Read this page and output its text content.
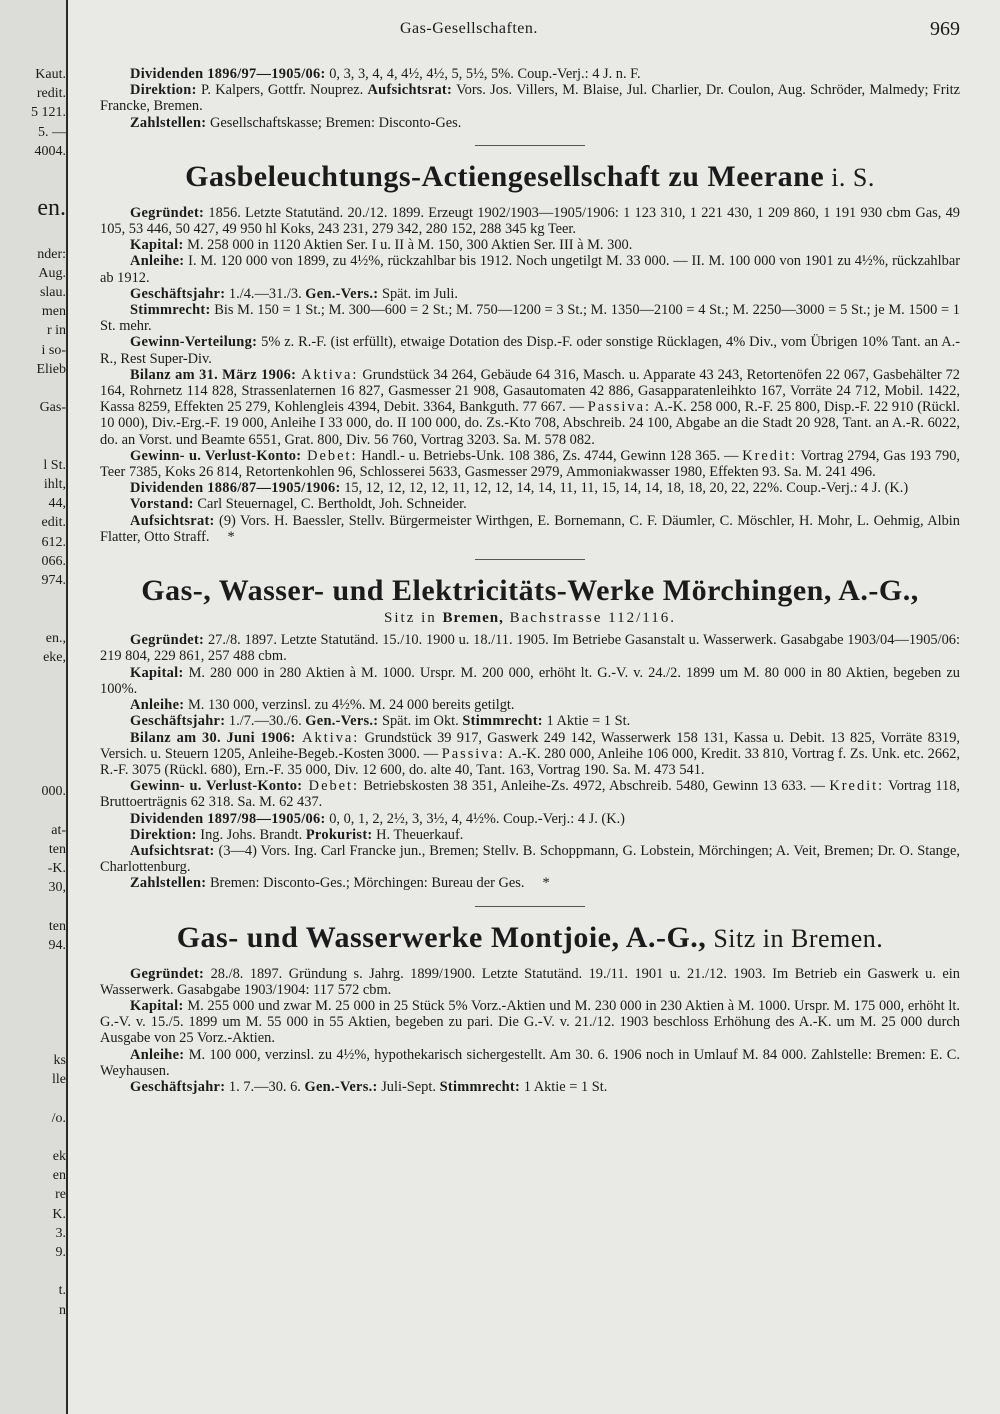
Kaut.
redit.
5 121.
5. —
4004.
en.
nder:
Aug.
slau.
men
r in
i so-
Elieb
Gas-
l St.
ihlt,
44,
edit.
612.
066.
974.
en.,
eke,
000.
at-
ten
-K.
30,
ten
94.
ks
lle
/o.
ek
en
re
K.
3.
9.
t.
n
Gas-Gesellschaften.	969

Dividenden 1896/97—1905/06: 0, 3, 3, 4, 4, 4½, 4½, 5, 5½, 5%. Coup.-Verj.: 4 J. n. F.

Direktion: P. Kalpers, Gottfr. Nouprez. Aufsichtsrat: Vors. Jos. Villers, M. Blaise, Jul. Charlier, Dr. Coulon, Aug. Schröder, Malmedy; Fritz Francke, Bremen.

Zahlstellen: Gesellschaftskasse; Bremen: Disconto-Ges.

Gasbeleuchtungs-Actiengesellschaft zu Meerane i. S.

Gegründet: 1856. Letzte Statutänd. 20./12. 1899. Erzeugt 1902/1903—1905/1906: 1 123 310, 1 221 430, 1 209 860, 1 191 930 cbm Gas, 49 105, 53 446, 50 427, 49 950 hl Koks, 243 231, 279 342, 280 152, 288 345 kg Teer.

Kapital: M. 258 000 in 1120 Aktien Ser. I u. II à M. 150, 300 Aktien Ser. III à M. 300.

Anleihe: I. M. 120 000 von 1899, zu 4½%, rückzahlbar bis 1912. Noch ungetilgt M. 33 000. — II. M. 100 000 von 1901 zu 4½%, rückzahlbar ab 1912.

Geschäftsjahr: 1./4.—31./3. Gen.-Vers.: Spät. im Juli.

Stimmrecht: Bis M. 150 = 1 St.; M. 300—600 = 2 St.; M. 750—1200 = 3 St.; M. 1350—2100 = 4 St.; M. 2250—3000 = 5 St.; je M. 1500 = 1 St. mehr.

Gewinn-Verteilung: 5% z. R.-F. (ist erfüllt), etwaige Dotation des Disp.-F. oder sonstige Rücklagen, 4% Div., vom Übrigen 10% Tant. an A.-R., Rest Super-Div.

Bilanz am 31. März 1906: Aktiva: Grundstück 34 264, Gebäude 64 316, Masch. u. Apparate 43 243, Retortenöfen 22 067, Gasbehälter 72 164, Rohrnetz 114 828, Strassenlaternen 16 827, Gasmesser 21 908, Gasautomaten 42 886, Gasapparatenleihkto 167, Vorräte 24 712, Mobil. 1422, Kassa 8259, Effekten 25 279, Kohlengleis 4394, Debit. 3364, Bankguth. 77 667. — Passiva: A.-K. 258 000, R.-F. 25 800, Disp.-F. 22 910 (Rückl. 10 000), Div.-Erg.-F. 19 000, Anleihe I 33 000, do. II 100 000, do. Zs.-Kto 708, Abschreib. 24 100, Abgabe an die Stadt 20 928, Tant. an A.-R. 6022, do. an Vorst. und Beamte 6551, Grat. 800, Div. 56 760, Vortrag 3203. Sa. M. 578 082.

Gewinn- u. Verlust-Konto: Debet: Handl.- u. Betriebs-Unk. 108 386, Zs. 4744, Gewinn 128 365. — Kredit: Vortrag 2794, Gas 193 790, Teer 7385, Koks 26 814, Retortenkohlen 96, Schlosserei 5633, Gasmesser 2979, Ammoniakwasser 1980, Effekten 93. Sa. M. 241 496.

Dividenden 1886/87—1905/1906: 15, 12, 12, 12, 12, 11, 12, 12, 14, 14, 11, 11, 15, 14, 14, 18, 18, 20, 22, 22%. Coup.-Verj.: 4 J. (K.)

Vorstand: Carl Steuernagel, C. Bertholdt, Joh. Schneider.

Aufsichtsrat: (9) Vors. H. Baessler, Stellv. Bürgermeister Wirthgen, E. Bornemann, C. F. Däumler, C. Möschler, H. Mohr, L. Oehmig, Albin Flatter, Otto Straff. *

Gas-, Wasser- und Elektricitäts-Werke Mörchingen, A.-G.,
Sitz in Bremen, Bachstrasse 112/116.

Gegründet: 27./8. 1897. Letzte Statutänd. 15./10. 1900 u. 18./11. 1905. Im Betriebe Gasanstalt u. Wasserwerk. Gasabgabe 1903/04—1905/06: 219 804, 229 861, 257 488 cbm.

Kapital: M. 280 000 in 280 Aktien à M. 1000. Urspr. M. 200 000, erhöht lt. G.-V. v. 24./2. 1899 um M. 80 000 in 80 Aktien, begeben zu 100%.

Anleihe: M. 130 000, verzinsl. zu 4½%. M. 24 000 bereits getilgt.

Geschäftsjahr: 1./7.—30./6. Gen.-Vers.: Spät. im Okt. Stimmrecht: 1 Aktie = 1 St.

Bilanz am 30. Juni 1906: Aktiva: Grundstück 39 917, Gaswerk 249 142, Wasserwerk 158 131, Kassa u. Debit. 13 825, Vorräte 8319, Versich. u. Steuern 1205, Anleihe-Begeb.-Kosten 3000. — Passiva: A.-K. 280 000, Anleihe 106 000, Kredit. 33 810, Vortrag f. Zs. Unk. etc. 2662, R.-F. 3075 (Rückl. 680), Ern.-F. 35 000, Div. 12 600, do. alte 40, Tant. 163, Vortrag 190. Sa. M. 473 541.

Gewinn- u. Verlust-Konto: Debet: Betriebskosten 38 351, Anleihe-Zs. 4972, Abschreib. 5480, Gewinn 13 633. — Kredit: Vortrag 118, Bruttoerträgnis 62 318. Sa. M. 62 437.

Dividenden 1897/98—1905/06: 0, 0, 1, 2, 2½, 3, 3½, 4, 4½%. Coup.-Verj.: 4 J. (K.)

Direktion: Ing. Johs. Brandt. Prokurist: H. Theuerkauf.

Aufsichtsrat: (3—4) Vors. Ing. Carl Francke jun., Bremen; Stellv. B. Schoppmann, G. Lobstein, Mörchingen; A. Veit, Bremen; Dr. O. Stange, Charlottenburg.

Zahlstellen: Bremen: Disconto-Ges.; Mörchingen: Bureau der Ges. *

Gas- und Wasserwerke Montjoie, A.-G., Sitz in Bremen.

Gegründet: 28./8. 1897. Gründung s. Jahrg. 1899/1900. Letzte Statutänd. 19./11. 1901 u. 21./12. 1903. Im Betrieb ein Gaswerk u. ein Wasserwerk. Gasabgabe 1903/1904: 117 572 cbm.

Kapital: M. 255 000 und zwar M. 25 000 in 25 Stück 5% Vorz.-Aktien und M. 230 000 in 230 Aktien à M. 1000. Urspr. M. 175 000, erhöht lt. G.-V. v. 15./5. 1899 um M. 55 000 in 55 Aktien, begeben zu pari. Die G.-V. v. 21./12. 1903 beschloss Erhöhung des A.-K. um M. 25 000 durch Ausgabe von 25 Vorz.-Aktien.

Anleihe: M. 100 000, verzinsl. zu 4½%, hypothekarisch sichergestellt. Am 30. 6. 1906 noch in Umlauf M. 84 000. Zahlstelle: Bremen: E. C. Weyhausen.

Geschäftsjahr: 1. 7.—30. 6. Gen.-Vers.: Juli-Sept. Stimmrecht: 1 Aktie = 1 St.
